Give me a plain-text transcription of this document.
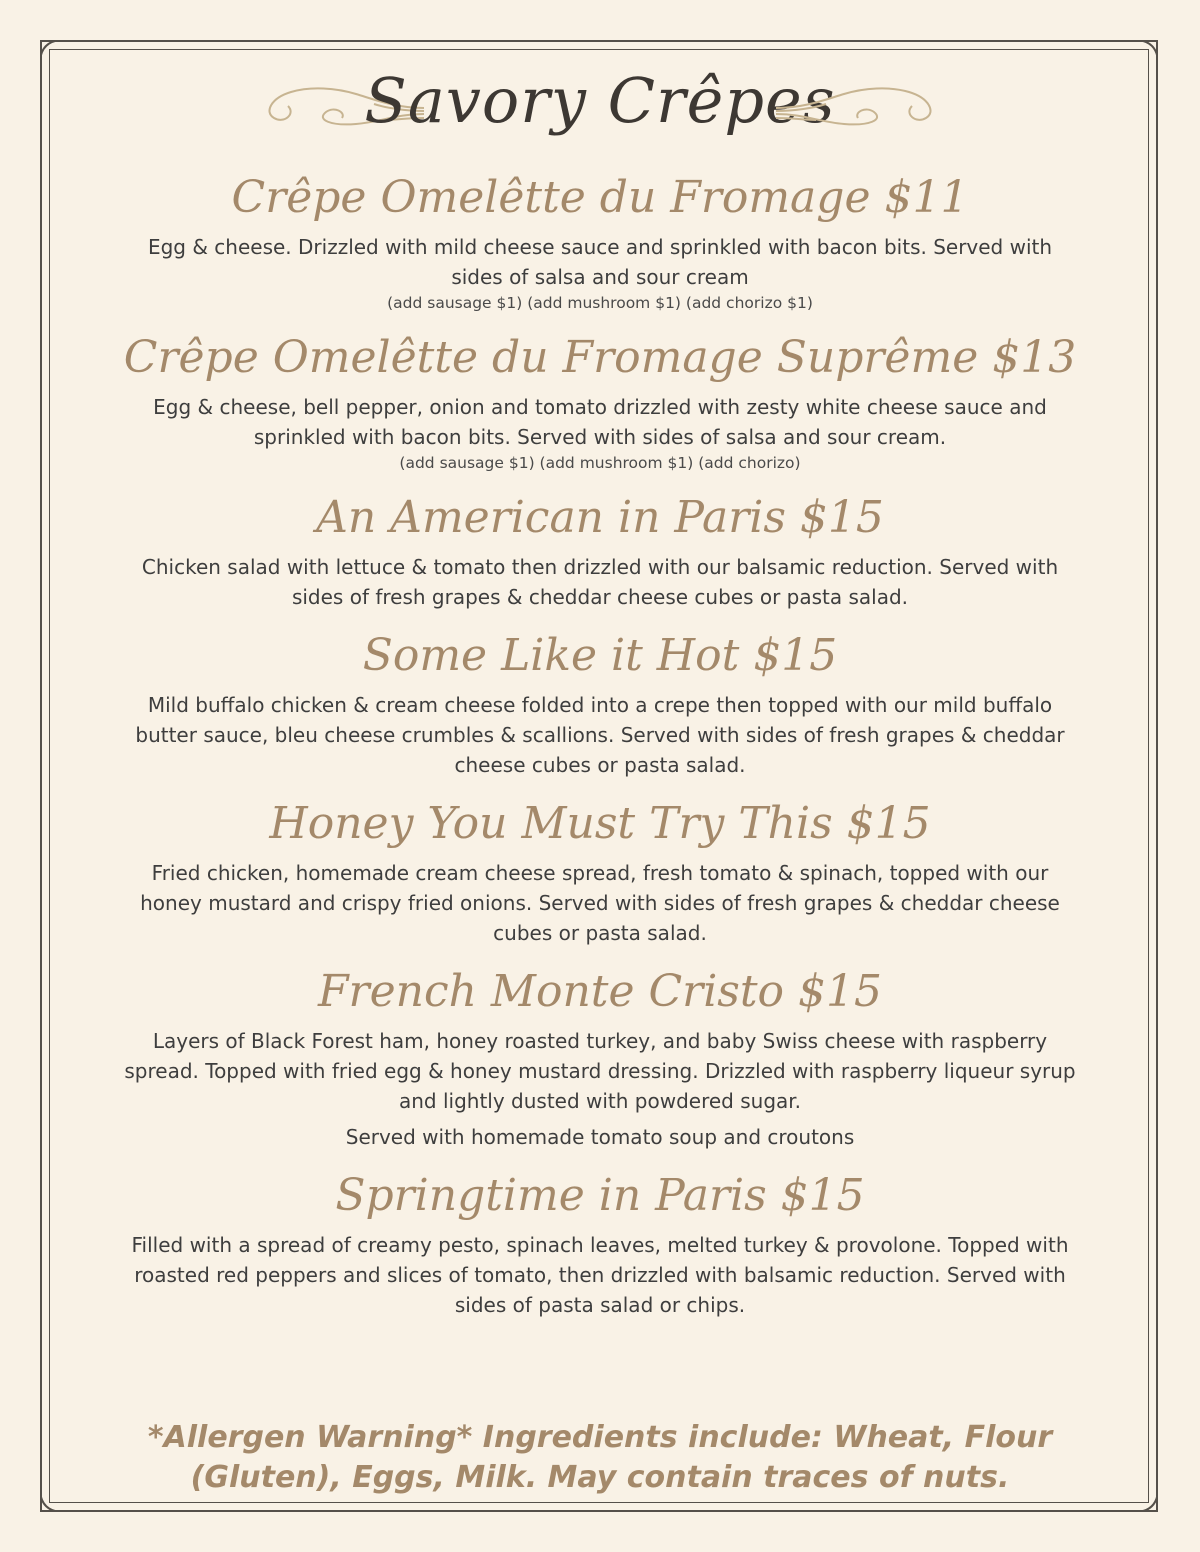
Savory Crêpes
Crêpe Omelêtte du Fromage $11

Egg & cheese. Drizzled with mild cheese sauce and sprinkled with bacon bits. Served with sides of salsa and sour cream

(add sausage $1) (add mushroom $1) (add chorizo $1)

Crêpe Omelêtte du Fromage Suprême $13

Egg & cheese, bell pepper, onion and tomato drizzled with zesty white cheese sauce and sprinkled with bacon bits. Served with sides of salsa and sour cream.

(add sausage $1) (add mushroom $1) (add chorizo)

An American in Paris $15

Chicken salad with lettuce & tomato then drizzled with our balsamic reduction. Served with sides of fresh grapes & cheddar cheese cubes or pasta salad.

Some Like it Hot $15

Mild buffalo chicken & cream cheese folded into a crepe then topped with our mild buffalo butter sauce, bleu cheese crumbles & scallions. Served with sides of fresh grapes & cheddar cheese cubes or pasta salad.

Honey You Must Try This $15

Fried chicken, homemade cream cheese spread, fresh tomato & spinach, topped with our honey mustard and crispy fried onions. Served with sides of fresh grapes & cheddar cheese cubes or pasta salad.

French Monte Cristo $15

Layers of Black Forest ham, honey roasted turkey, and baby Swiss cheese with raspberry spread. Topped with fried egg & honey mustard dressing. Drizzled with raspberry liqueur syrup and lightly dusted with powdered sugar.

Served with homemade tomato soup and croutons

Springtime in Paris $15

Filled with a spread of creamy pesto, spinach leaves, melted turkey & provolone. Topped with roasted red peppers and slices of tomato, then drizzled with balsamic reduction. Served with sides of pasta salad or chips.

*Allergen Warning* Ingredients include: Wheat, Flour
(Gluten), Eggs, Milk. May contain traces of nuts.
